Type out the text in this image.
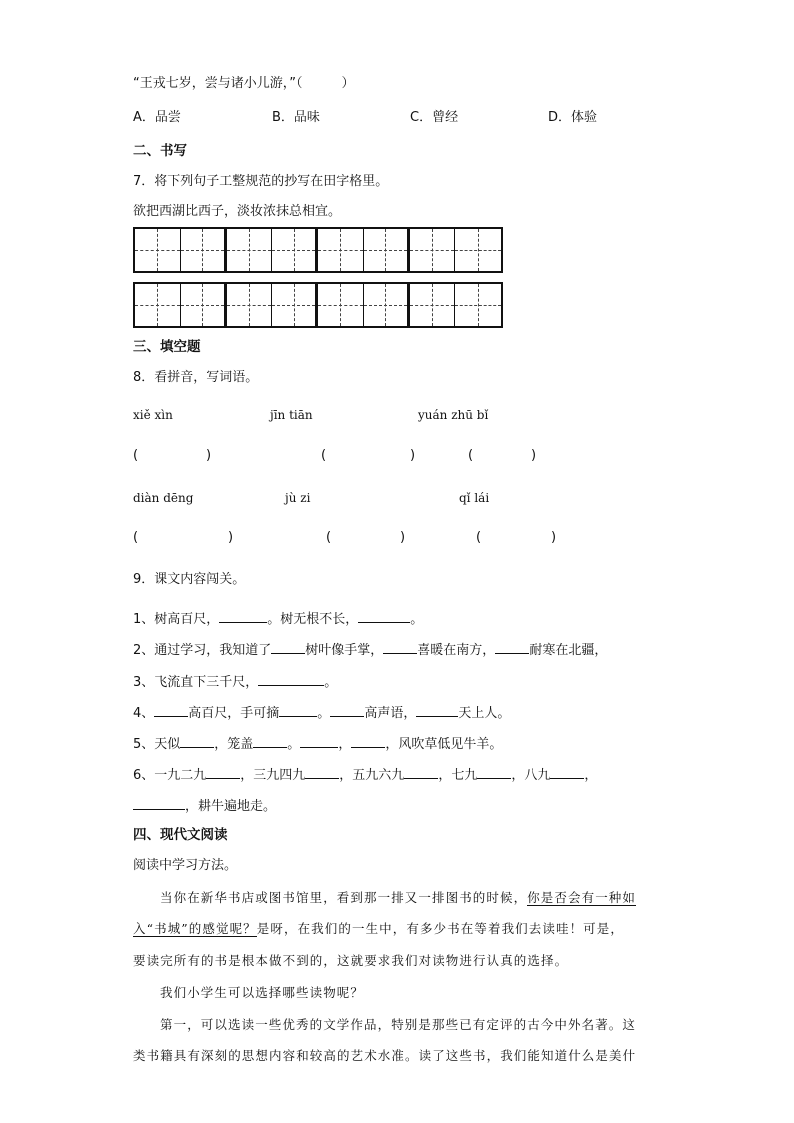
“王戎七岁，尝与诸小儿游，”（　　　）
A．品尝	B．品味	C．曾经	D．体验
二、书写
7．将下列句子工整规范的抄写在田字格里。
欲把西湖比西子，淡妆浓抹总相宜。
三、填空题
8．看拼音，写词语。
xiě xìn	jīn tiān	yuán zhū bǐ
(	)	(	)	(	)
diàn dēng	jù zi	qǐ lái
(	)	(	)	(	)
9．课文内容闯关。
1、树高百尺，	。树无根不长，	。
2、通过学习，我知道了	树叶像手掌，	喜暖在南方，	耐寒在北疆，
3、飞流直下三千尺，	。
4、	高百尺，手可摘	。	高声语，	天上人。
5、天似	，笼盖	。	，	，风吹草低见牛羊。
6、一九二九	，三九四九	，五九六九	，七九	，八九	，
，耕牛遍地走。
四、现代文阅读
阅读中学习方法。
当你在新华书店或图书馆里，看到那一排又一排图书的时候，你是否会有一种如
入“书城”的感觉呢？是呀，在我们的一生中，有多少书在等着我们去读哇！可是，
要读完所有的书是根本做不到的，这就要求我们对读物进行认真的选择。
我们小学生可以选择哪些读物呢？
第一，可以选读一些优秀的文学作品，特别是那些已有定评的古今中外名著。这
类书籍具有深刻的思想内容和较高的艺术水准。读了这些书，我们能知道什么是美什
